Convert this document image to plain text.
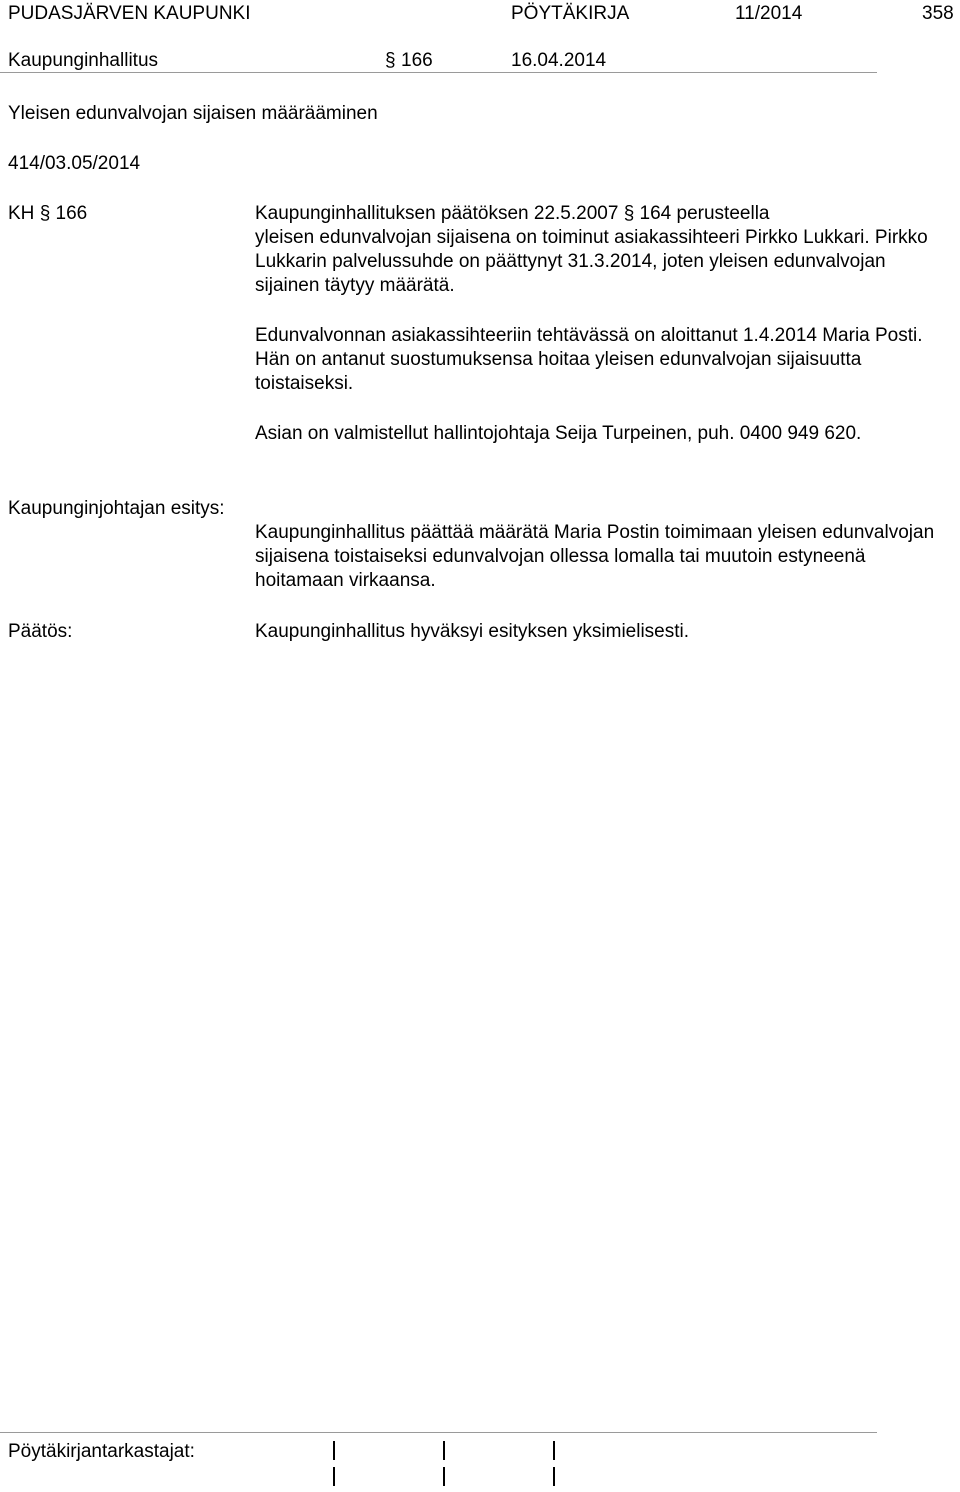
PUDASJÄRVEN KAUPUNKI	PÖYTÄKIRJA	11/2014	358
Kaupunginhallitus	§ 166	16.04.2014
Yleisen edunvalvojan sijaisen määrääminen
414/03.05/2014
KH § 166	Kaupunginhallituksen päätöksen 22.5.2007 § 164 perusteella
yleisen edunvalvojan sijaisena on toiminut asiakassihteeri Pirkko Lukkari. Pirkko Lukkarin palvelussuhde on päättynyt 31.3.2014, joten yleisen edunvalvojan sijainen täytyy määrätä.
Edunvalvonnan asiakassihteeriin tehtävässä on aloittanut 1.4.2014 Maria Posti. Hän on antanut suostumuksensa hoitaa yleisen edunvalvojan sijaisuutta toistaiseksi.
Asian on valmistellut hallintojohtaja Seija Turpeinen, puh. 0400 949 620.
Kaupunginjohtajan esitys:
Kaupunginhallitus päättää määrätä Maria Postin toimimaan yleisen edunvalvojan sijaisena toistaiseksi edunvalvojan ollessa lomalla tai muutoin estyneenä hoitamaan virkaansa.
Päätös:	Kaupunginhallitus hyväksyi esityksen yksimielisesti.
Pöytäkirjantarkastajat:
